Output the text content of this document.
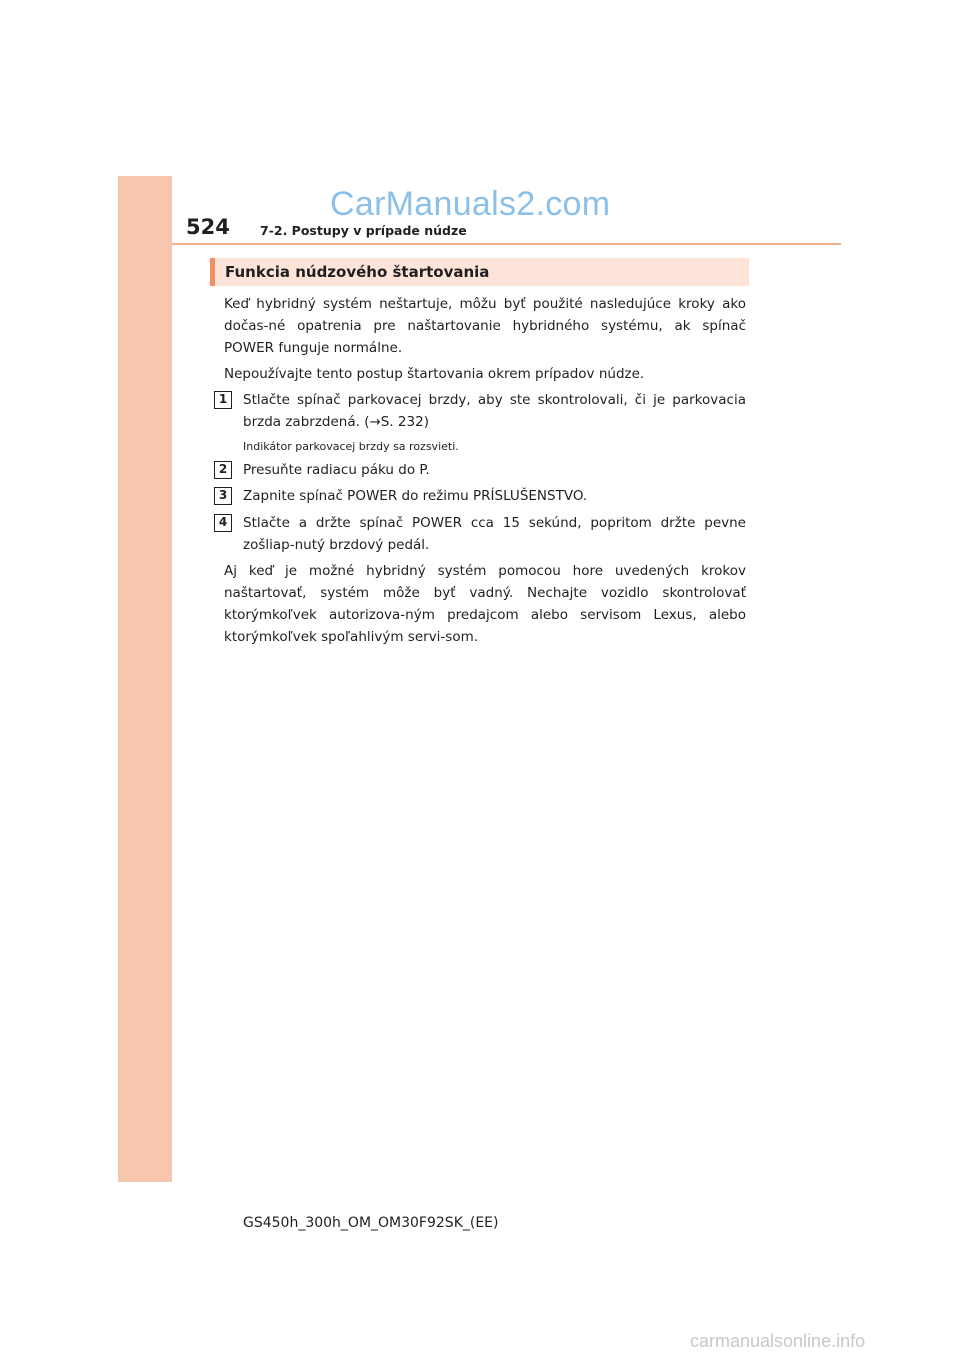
524
CarManuals2.com
7-2. Postupy v prípade núdze
Funkcia núdzového štartovania

Keď hybridný systém neštartuje, môžu byť použité nasledujúce kroky ako dočas-né opatrenia pre naštartovanie hybridného systému, ak spínač POWER funguje normálne.

Nepoužívajte tento postup štartovania okrem prípadov núdze.

1	Stlačte spínač parkovacej brzdy, aby ste skontrolovali, či je parkovacia brzda zabrzdená. (→S. 232)

Indikátor parkovacej brzdy sa rozsvieti.
2	Presuňte radiacu páku do P.

3	Zapnite spínač POWER do režimu PRÍSLUŠENSTVO.

4	Stlačte a držte spínač POWER cca 15 sekúnd, popritom držte pevne zošliap-nutý brzdový pedál.

Aj keď je možné hybridný systém pomocou hore uvedených krokov naštartovať, systém môže byť vadný. Nechajte vozidlo skontrolovať ktorýmkoľvek autorizova-ným predajcom alebo servisom Lexus, alebo ktorýmkoľvek spoľahlivým servi-som.

GS450h_300h_OM_OM30F92SK_(EE)
carmanualsonline.info
